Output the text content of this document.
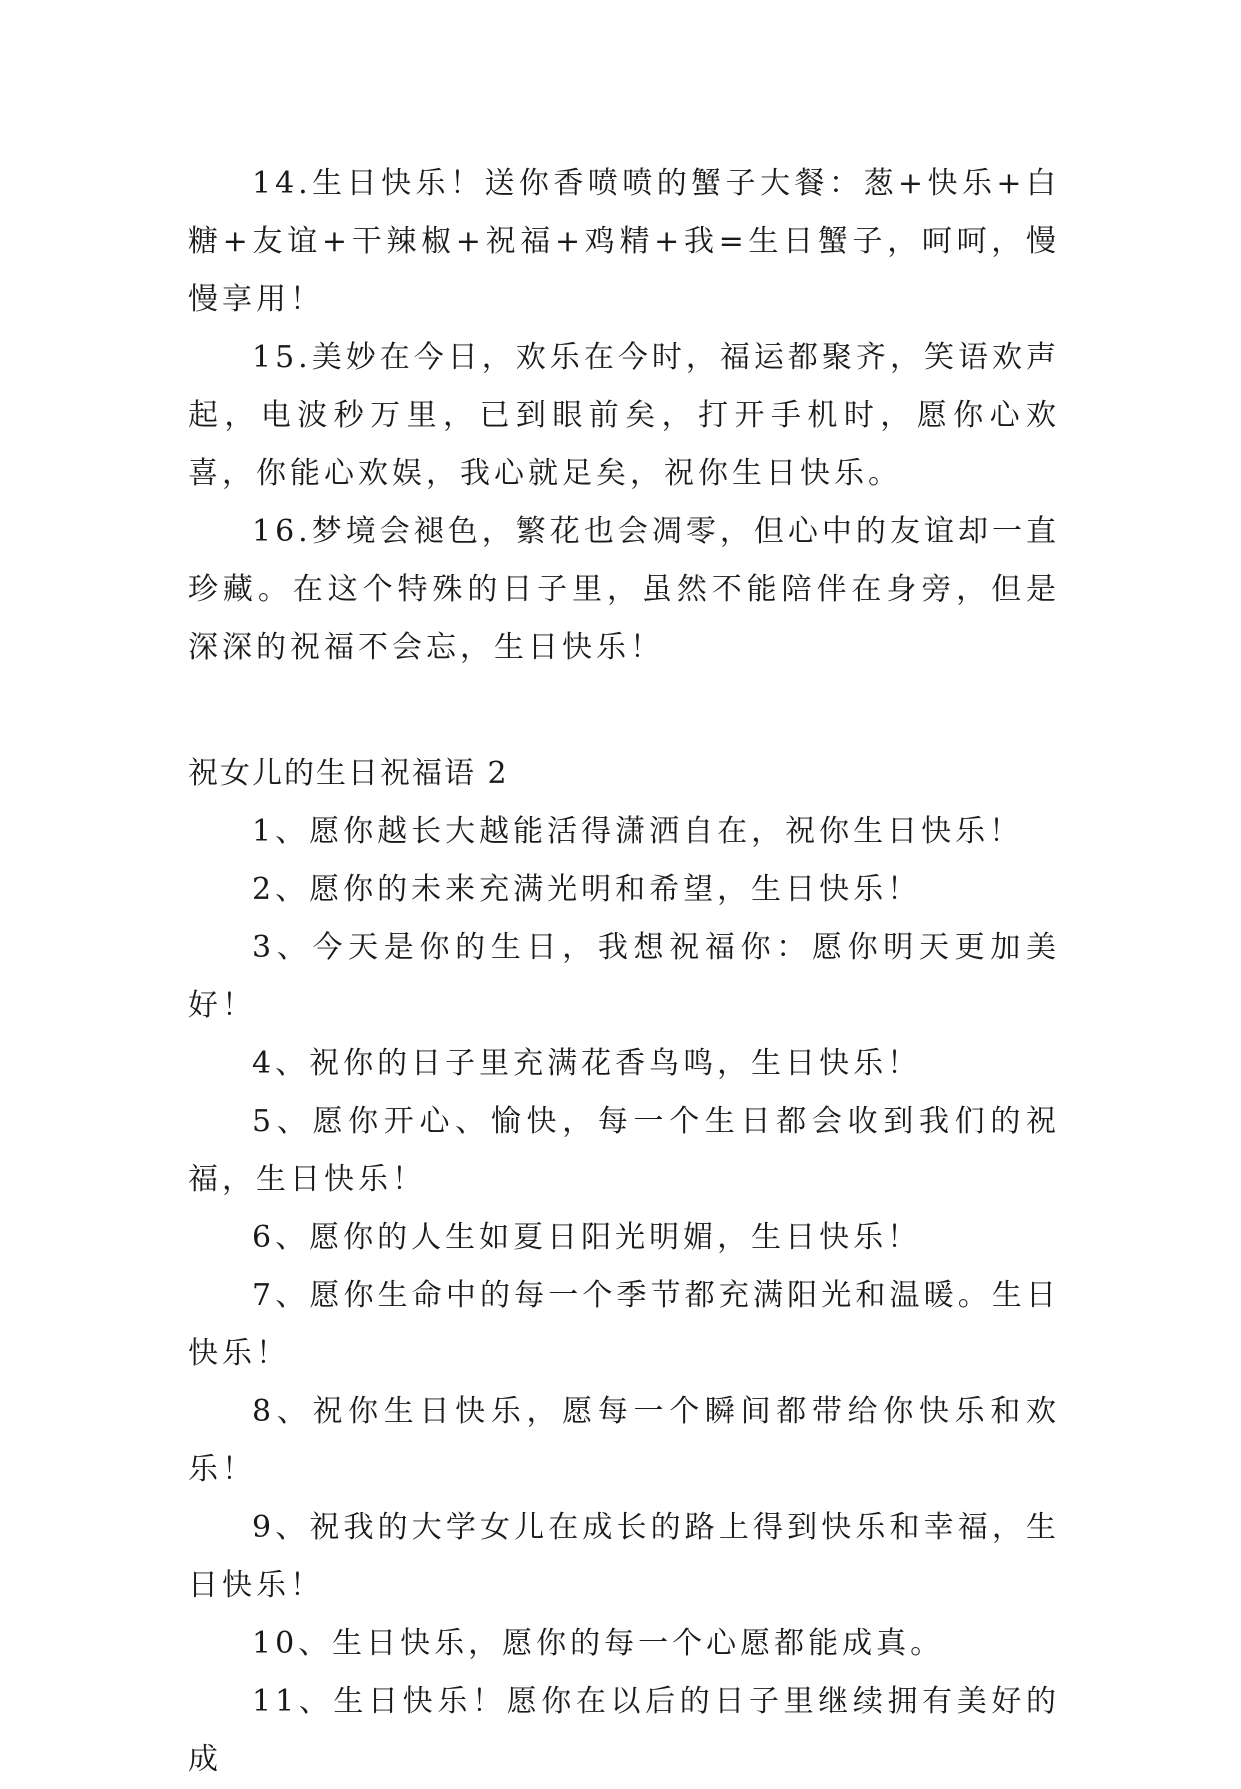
14.生日快乐！送你香喷喷的蟹子大餐：葱+快乐+白糖+友谊+干辣椒+祝福+鸡精+我=生日蟹子，呵呵，慢慢享用！

15.美妙在今日，欢乐在今时，福运都聚齐，笑语欢声起，电波秒万里，已到眼前矣，打开手机时，愿你心欢喜，你能心欢娱，我心就足矣，祝你生日快乐。

16.梦境会褪色，繁花也会凋零，但心中的友谊却一直珍藏。在这个特殊的日子里，虽然不能陪伴在身旁，但是深深的祝福不会忘，生日快乐！

祝女儿的生日祝福语 2

1、愿你越长大越能活得潇洒自在，祝你生日快乐！

2、愿你的未来充满光明和希望，生日快乐！

3、今天是你的生日，我想祝福你：愿你明天更加美好！

4、祝你的日子里充满花香鸟鸣，生日快乐！

5、愿你开心、愉快，每一个生日都会收到我们的祝福，生日快乐！

6、愿你的人生如夏日阳光明媚，生日快乐！

7、愿你生命中的每一个季节都充满阳光和温暖。生日快乐！

8、祝你生日快乐，愿每一个瞬间都带给你快乐和欢乐！

9、祝我的大学女儿在成长的路上得到快乐和幸福，生日快乐！

10、生日快乐，愿你的每一个心愿都能成真。

11、生日快乐！愿你在以后的日子里继续拥有美好的成
